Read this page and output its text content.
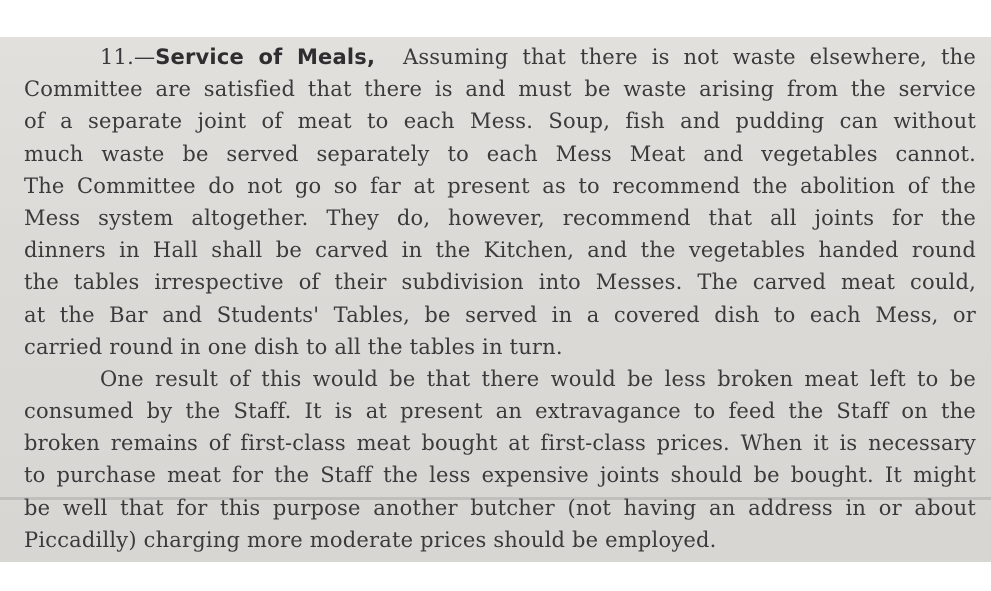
11.—Service of Meals, Assuming that there is not waste elsewhere, the
Committee are satisfied that there is and must be waste arising from the service
of a separate joint of meat to each Mess. Soup, fish and pudding can without
much waste be served separately to each Mess Meat and vegetables cannot.
The Committee do not go so far at present as to recommend the abolition of the
Mess system altogether. They do, however, recommend that all joints for the
dinners in Hall shall be carved in the Kitchen, and the vegetables handed round
the tables irrespective of their subdivision into Messes. The carved meat could,
at the Bar and Students' Tables, be served in a covered dish to each Mess, or
carried round in one dish to all the tables in turn.
One result of this would be that there would be less broken meat left to be
consumed by the Staff. It is at present an extravagance to feed the Staff on the
broken remains of first-class meat bought at first-class prices. When it is necessary
to purchase meat for the Staff the less expensive joints should be bought. It might
be well that for this purpose another butcher (not having an address in or about
Piccadilly) charging more moderate prices should be employed.
